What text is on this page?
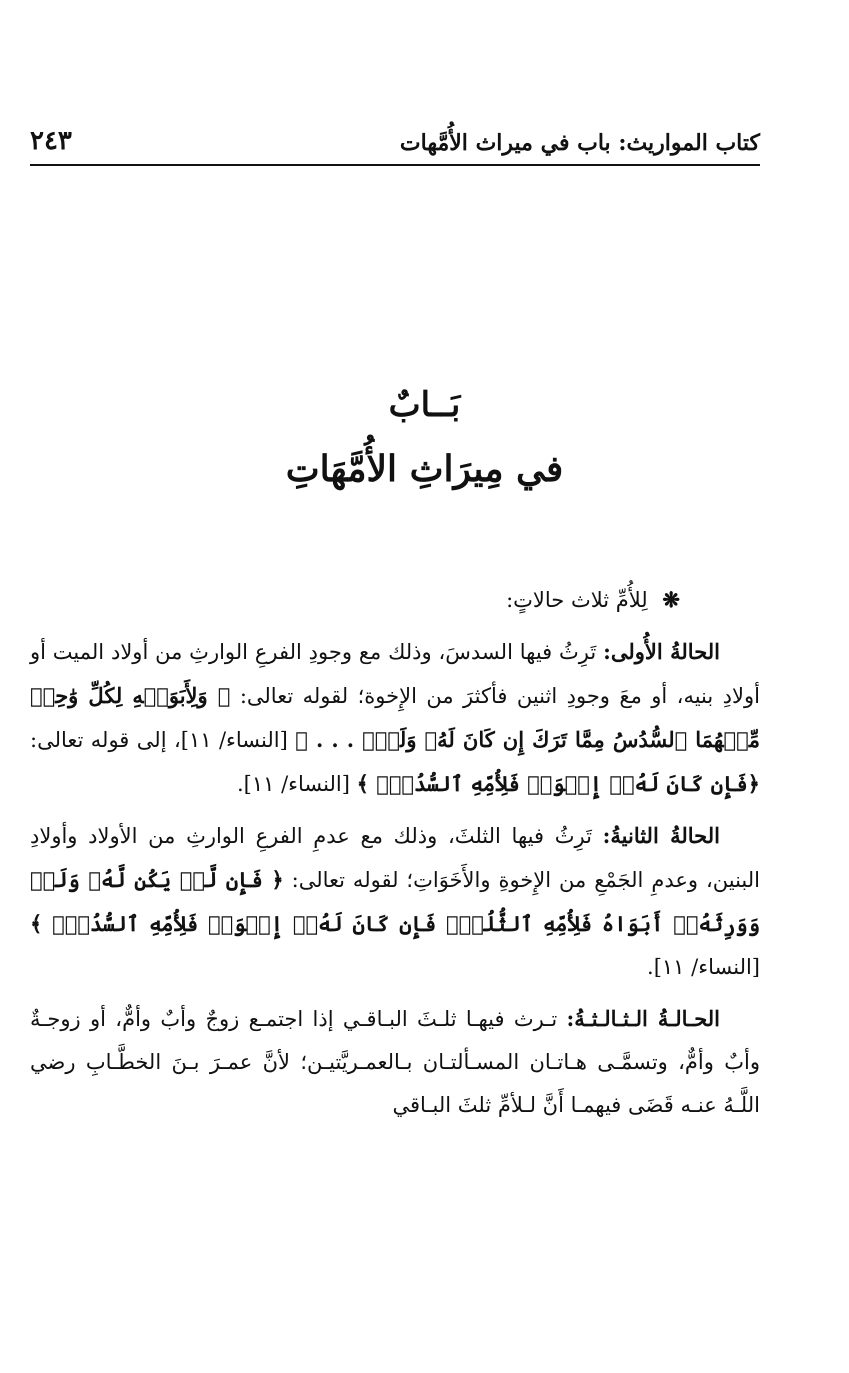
كتاب المواريث: باب في ميراث الأُمَّهات
٢٤٣
بَــابٌ
في مِيرَاثِ الأُمَّهَاتِ

❋ لِلأُمِّ ثلاث حالاتٍ:

الحالةُ الأُولى: تَرِثُ فيها السدسَ، وذلك مع وجودِ الفرعِ الوارثِ من أولاد الميت أو أولادِ بنيه، أو معَ وجودِ اثنين فأكثرَ من الإِخوة؛ لقوله تعالى: ﴿ وَلِأَبَوَيۡهِ لِكُلِّ وَٰحِدٖ مِّنۡهُمَا ٱلسُّدُسُ مِمَّا تَرَكَ إِن كَانَ لَهُۥ وَلَدٞۚ . . . ﴾ [النساء/ ١١]، إلى قوله تعالى: ﴿فَإِن كَانَ لَهُۥٓ إِخۡوَةٞ فَلِأُمِّهِ ٱلسُّدُسُۚ ﴾ [النساء/ ١١].

الحالةُ الثانيةُ: تَرِثُ فيها الثلثَ، وذلك مع عدمِ الفرعِ الوارثِ من الأولاد وأولادِ البنين، وعدمِ الجَمْعِ من الإِخوةِ والأَخَوَاتِ؛ لقوله تعالى: ﴿ فَإِن لَّمۡ يَكُن لَّهُۥ وَلَدٞ وَوَرِثَهُۥٓ أَبَوَاهُ فَلِأُمِّهِ ٱلثُّلُثُۚ فَإِن كَانَ لَهُۥٓ إِخۡوَةٞ فَلِأُمِّهِ ٱلسُّدُسُۚ ﴾ [النساء/ ١١].

الحـالـةُ الـثـالـثـةُ: تـرث فيهـا ثلـثَ البـاقـي إذا اجتمـع زوجٌ وأبٌ وأمٌّ، أو زوجـةٌ وأبٌ وأمٌّ، وتسمَّـى هـاتـان المسـألتـان بـالعمـريَّتيـن؛ لأنَّ عمـرَ بـنَ الخطَّـابِ رضي اللَّـهُ عنـه قَضَى فيهمـا أَنَّ لـلأمِّ ثلثَ البـاقي
